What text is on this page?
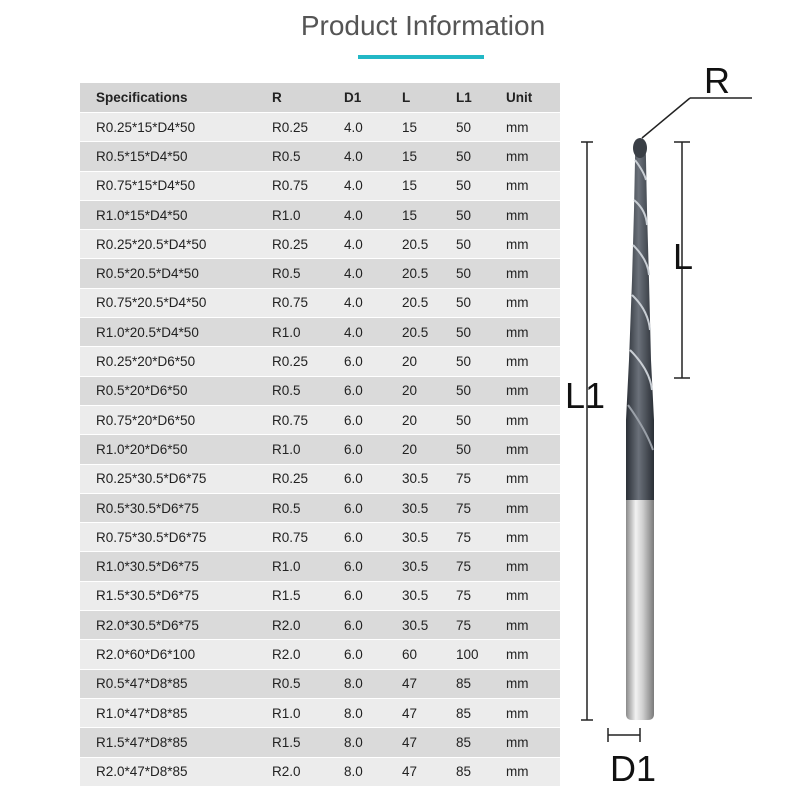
Product Information
Specifications	R	D1	L	L1	Unit
R0.25*15*D4*50	R0.25	4.0	15	50	mm
R0.5*15*D4*50	R0.5	4.0	15	50	mm
R0.75*15*D4*50	R0.75	4.0	15	50	mm
R1.0*15*D4*50	R1.0	4.0	15	50	mm
R0.25*20.5*D4*50	R0.25	4.0	20.5	50	mm
R0.5*20.5*D4*50	R0.5	4.0	20.5	50	mm
R0.75*20.5*D4*50	R0.75	4.0	20.5	50	mm
R1.0*20.5*D4*50	R1.0	4.0	20.5	50	mm
R0.25*20*D6*50	R0.25	6.0	20	50	mm
R0.5*20*D6*50	R0.5	6.0	20	50	mm
R0.75*20*D6*50	R0.75	6.0	20	50	mm
R1.0*20*D6*50	R1.0	6.0	20	50	mm
R0.25*30.5*D6*75	R0.25	6.0	30.5	75	mm
R0.5*30.5*D6*75	R0.5	6.0	30.5	75	mm
R0.75*30.5*D6*75	R0.75	6.0	30.5	75	mm
R1.0*30.5*D6*75	R1.0	6.0	30.5	75	mm
R1.5*30.5*D6*75	R1.5	6.0	30.5	75	mm
R2.0*30.5*D6*75	R2.0	6.0	30.5	75	mm
R2.0*60*D6*100	R2.0	6.0	60	100	mm
R0.5*47*D8*85	R0.5	8.0	47	85	mm
R1.0*47*D8*85	R1.0	8.0	47	85	mm
R1.5*47*D8*85	R1.5	8.0	47	85	mm
R2.0*47*D8*85	R2.0	8.0	47	85	mm
R
L
L1
D1
